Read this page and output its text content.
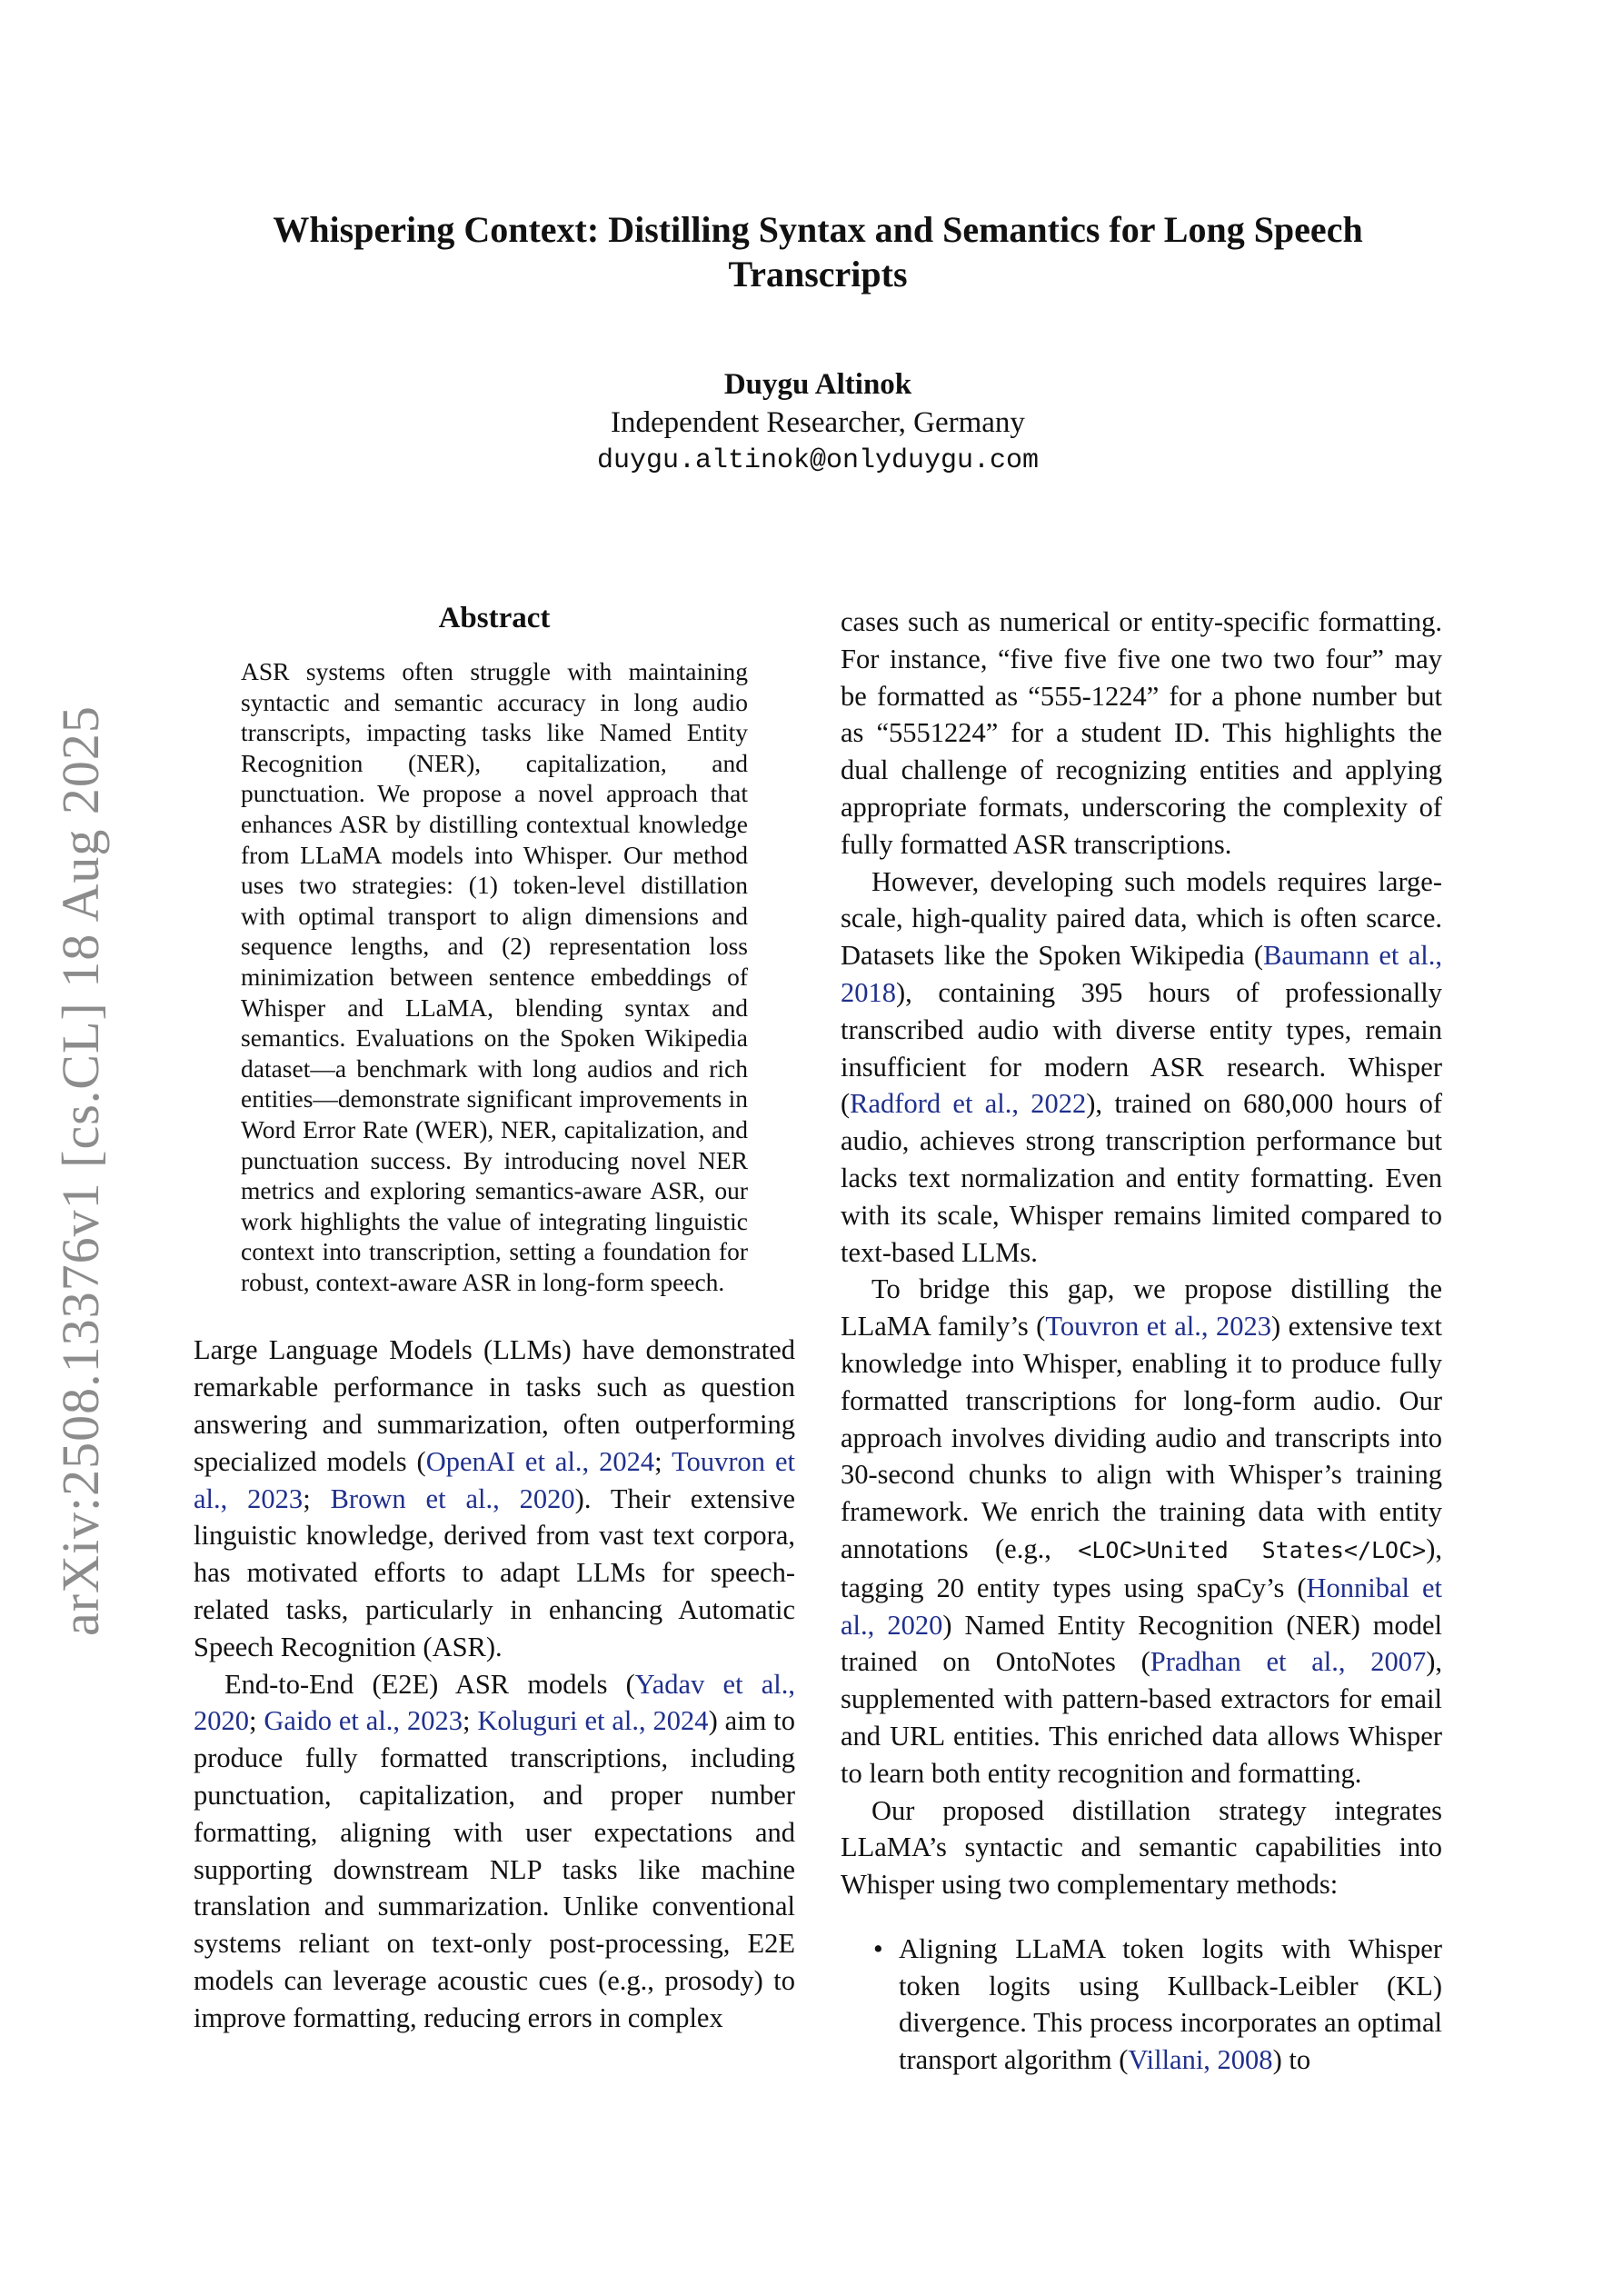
arXiv:2508.13376v1 [cs.CL] 18 Aug 2025
Whispering Context: Distilling Syntax and Semantics for Long Speech Transcripts
Duygu Altinok
Independent Researcher, Germany
duygu.altinok@onlyduygu.com
Abstract
ASR systems often struggle with maintaining syntactic and semantic accuracy in long audio transcripts, impacting tasks like Named Entity Recognition (NER), capitalization, and punctuation. We propose a novel approach that enhances ASR by distilling contextual knowledge from LLaMA models into Whisper. Our method uses two strategies: (1) token-level distillation with optimal transport to align dimensions and sequence lengths, and (2) representation loss minimization between sentence embeddings of Whisper and LLaMA, blending syntax and semantics. Evaluations on the Spoken Wikipedia dataset—a benchmark with long audios and rich entities—demonstrate significant improvements in Word Error Rate (WER), NER, capitalization, and punctuation success. By introducing novel NER metrics and exploring semantics-aware ASR, our work highlights the value of integrating linguistic context into transcription, setting a foundation for robust, context-aware ASR in long-form speech.

Large Language Models (LLMs) have demonstrated remarkable performance in tasks such as question answering and summarization, often outperforming specialized models (OpenAI et al., 2024; Touvron et al., 2023; Brown et al., 2020). Their extensive linguistic knowledge, derived from vast text corpora, has motivated efforts to adapt LLMs for speech-related tasks, particularly in enhancing Automatic Speech Recognition (ASR).

End-to-End (E2E) ASR models (Yadav et al., 2020; Gaido et al., 2023; Koluguri et al., 2024) aim to produce fully formatted transcriptions, including punctuation, capitalization, and proper number formatting, aligning with user expectations and supporting downstream NLP tasks like machine translation and summarization. Unlike conventional systems reliant on text-only post-processing, E2E models can leverage acoustic cues (e.g., prosody) to improve formatting, reducing errors in complex

cases such as numerical or entity-specific formatting. For instance, “five five five one two two four” may be formatted as “555-1224” for a phone number but as “5551224” for a student ID. This highlights the dual challenge of recognizing entities and applying appropriate formats, underscoring the complexity of fully formatted ASR transcriptions.

However, developing such models requires large-scale, high-quality paired data, which is often scarce. Datasets like the Spoken Wikipedia (Baumann et al., 2018), containing 395 hours of professionally transcribed audio with diverse entity types, remain insufficient for modern ASR research. Whisper (Radford et al., 2022), trained on 680,000 hours of audio, achieves strong transcription performance but lacks text normalization and entity formatting. Even with its scale, Whisper remains limited compared to text-based LLMs.

To bridge this gap, we propose distilling the LLaMA family’s (Touvron et al., 2023) extensive text knowledge into Whisper, enabling it to produce fully formatted transcriptions for long-form audio. Our approach involves dividing audio and transcripts into 30-second chunks to align with Whisper’s training framework. We enrich the training data with entity annotations (e.g., <LOC>United States</LOC>), tagging 20 entity types using spaCy’s (Honnibal et al., 2020) Named Entity Recognition (NER) model trained on OntoNotes (Pradhan et al., 2007), supplemented with pattern-based extractors for email and URL entities. This enriched data allows Whisper to learn both entity recognition and formatting.

Our proposed distillation strategy integrates LLaMA’s syntactic and semantic capabilities into Whisper using two complementary methods:

• Aligning LLaMA token logits with Whisper token logits using Kullback-Leibler (KL) divergence. This process incorporates an optimal transport algorithm (Villani, 2008) to
